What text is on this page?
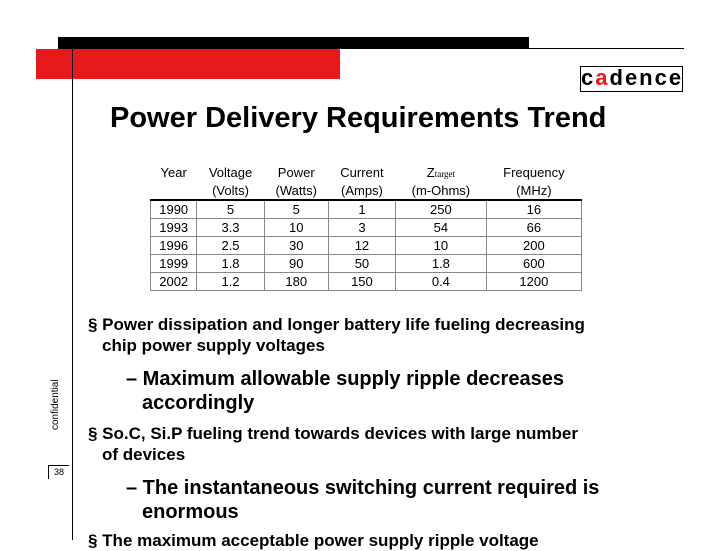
cadence
Power Delivery Requirements Trend
Year	Voltage	Power	Current	Ztarget	Frequency
	(Volts)	(Watts)	(Amps)	(m-Ohms)	(MHz)
1990	5	5	1	250	16
1993	3.3	10	3	54	66
1996	2.5	30	12	10	200
1999	1.8	90	50	1.8	600
2002	1.2	180	150	0.4	1200
confidential
38
§ Power dissipation and longer battery life fueling decreasing
chip power supply voltages
– Maximum allowable supply ripple decreases
accordingly
§ So.C, Si.P fueling trend towards devices with large number
of devices
– The instantaneous switching current required is
enormous
§ The maximum acceptable power supply ripple voltage
